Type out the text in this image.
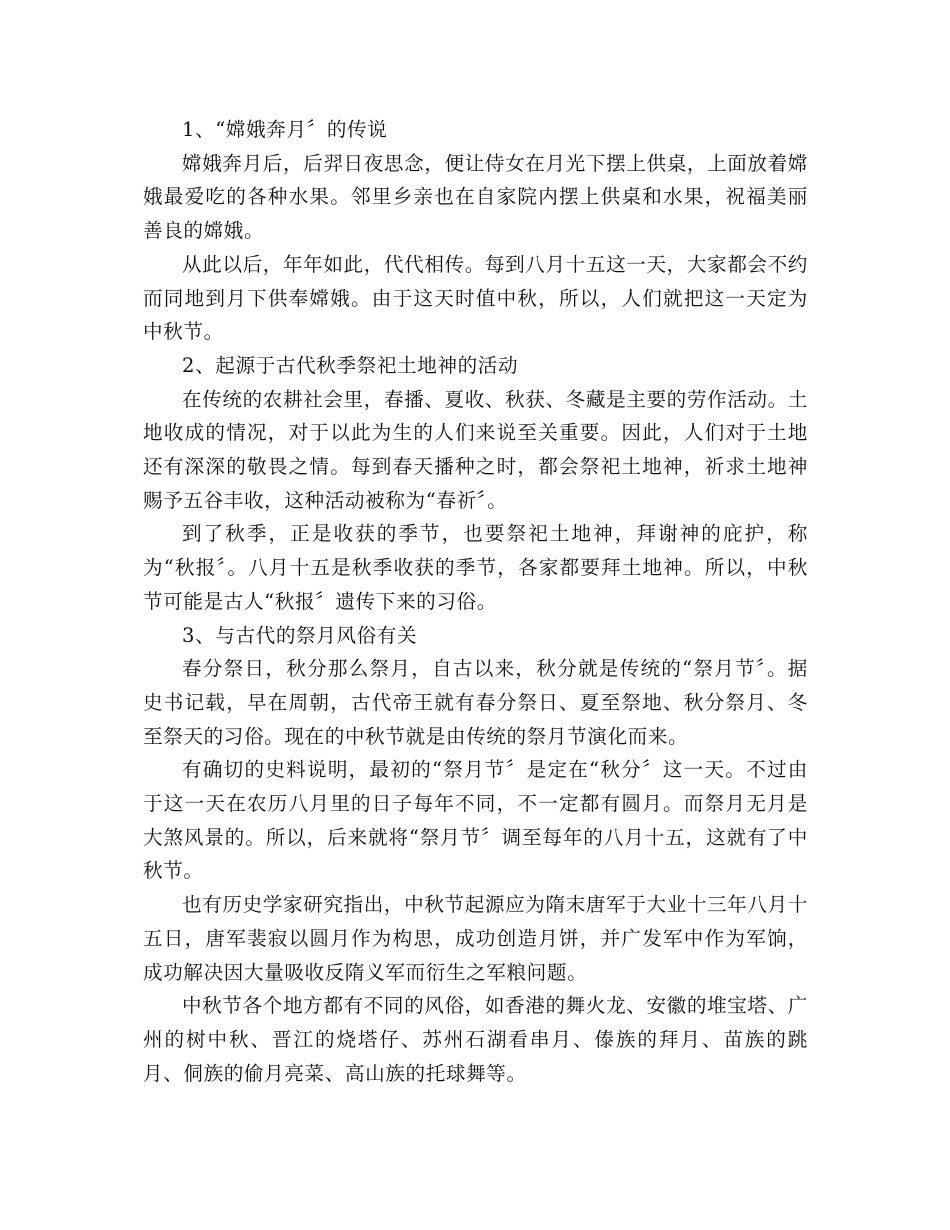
1、“嫦娥奔月〞的传说

嫦娥奔月后，后羿日夜思念，便让侍女在月光下摆上供桌，上面放着嫦娥最爱吃的各种水果。邻里乡亲也在自家院内摆上供桌和水果，祝福美丽善良的嫦娥。

从此以后，年年如此，代代相传。每到八月十五这一天，大家都会不约而同地到月下供奉嫦娥。由于这天时值中秋，所以，人们就把这一天定为中秋节。

2、起源于古代秋季祭祀土地神的活动

在传统的农耕社会里，春播、夏收、秋获、冬藏是主要的劳作活动。土地收成的情况，对于以此为生的人们来说至关重要。因此，人们对于土地还有深深的敬畏之情。每到春天播种之时，都会祭祀土地神，祈求土地神赐予五谷丰收，这种活动被称为“春祈〞。

到了秋季，正是收获的季节，也要祭祀土地神，拜谢神的庇护，称为“秋报〞。八月十五是秋季收获的季节，各家都要拜土地神。所以，中秋节可能是古人“秋报〞遗传下来的习俗。

3、与古代的祭月风俗有关

春分祭日，秋分那么祭月，自古以来，秋分就是传统的“祭月节〞。据史书记载，早在周朝，古代帝王就有春分祭日、夏至祭地、秋分祭月、冬至祭天的习俗。现在的中秋节就是由传统的祭月节演化而来。

有确切的史料说明，最初的“祭月节〞是定在“秋分〞这一天。不过由于这一天在农历八月里的日子每年不同，不一定都有圆月。而祭月无月是大煞风景的。所以，后来就将“祭月节〞调至每年的八月十五，这就有了中秋节。

也有历史学家研究指出，中秋节起源应为隋末唐军于大业十三年八月十五日，唐军裴寂以圆月作为构思，成功创造月饼，并广发军中作为军饷，成功解决因大量吸收反隋义军而衍生之军粮问题。

中秋节各个地方都有不同的风俗，如香港的舞火龙、安徽的堆宝塔、广州的树中秋、晋江的烧塔仔、苏州石湖看串月、傣族的拜月、苗族的跳月、侗族的偷月亮菜、高山族的托球舞等。
